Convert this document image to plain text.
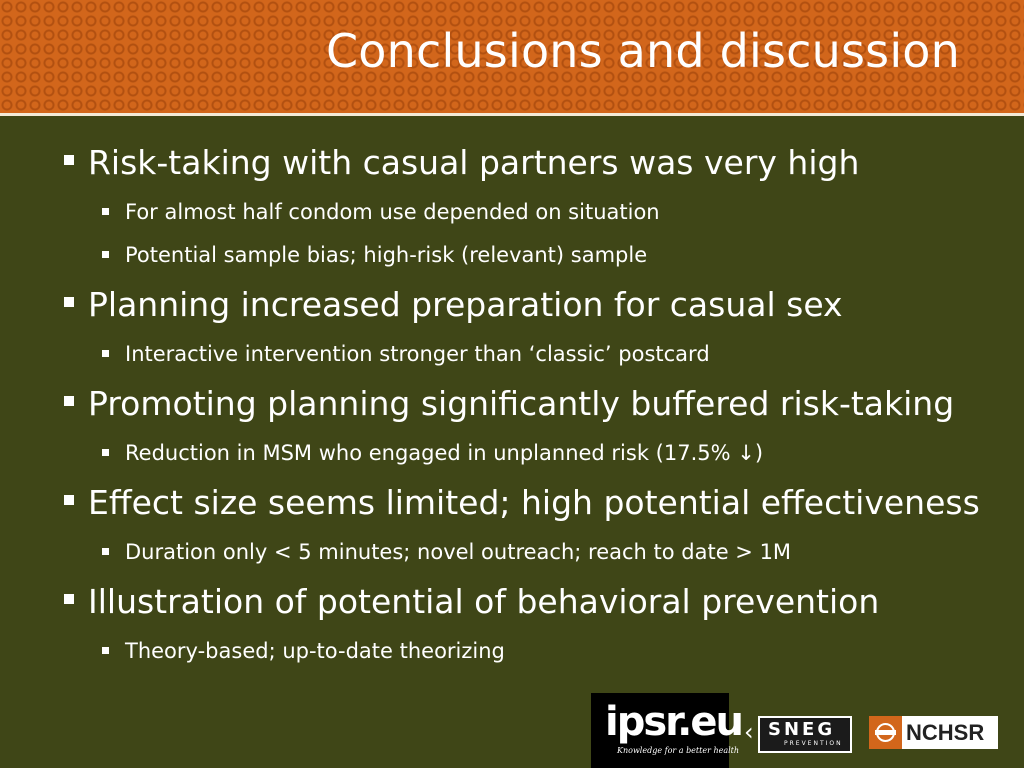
Conclusions and discussion
Risk-taking with casual partners was very high
For almost half condom use depended on situation
Potential sample bias; high-risk (relevant) sample
Planning increased preparation for casual sex
Interactive intervention stronger than ‘classic’ postcard
Promoting planning significantly buffered risk-taking
Reduction in MSM who engaged in unplanned risk (17.5% ↓)
Effect size seems limited; high potential effectiveness
Duration only < 5 minutes; novel outreach; reach to date > 1M
Illustration of potential of behavioral prevention
Theory-based; up-to-date theorizing
ipsr.eu
Knowledge for a better health
‹ SNEG
PREVENTION	NCHSR
